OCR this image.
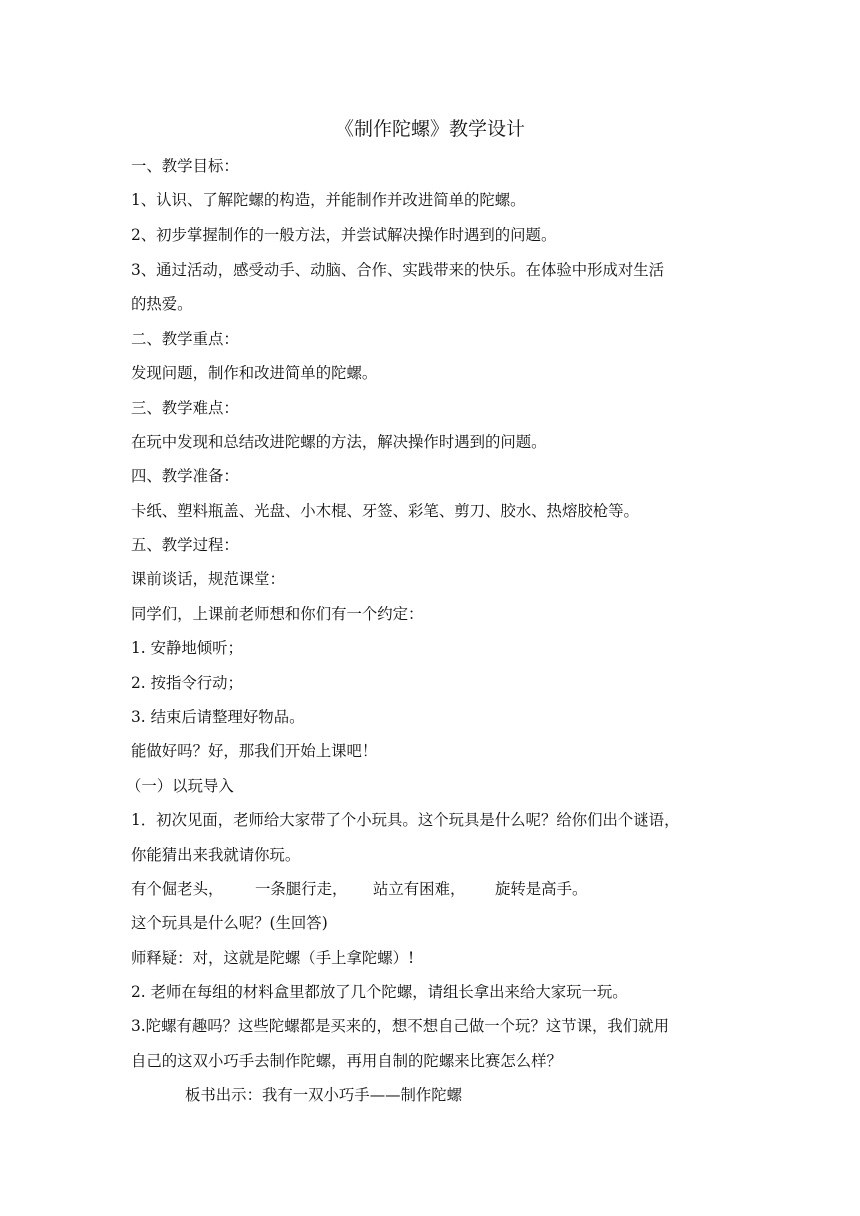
《制作陀螺》教学设计
一、教学目标：
1、认识、了解陀螺的构造，并能制作并改进简单的陀螺。
2、初步掌握制作的一般方法，并尝试解决操作时遇到的问题。
3、通过活动，感受动手、动脑、合作、实践带来的快乐。在体验中形成对生活
的热爱。
二、教学重点：
发现问题，制作和改进简单的陀螺。
三、教学难点：
在玩中发现和总结改进陀螺的方法，解决操作时遇到的问题。
四、教学准备：
卡纸、塑料瓶盖、光盘、小木棍、牙签、彩笔、剪刀、胶水、热熔胶枪等。
五、教学过程：
课前谈话，规范课堂：
同学们，上课前老师想和你们有一个约定：
1. 安静地倾听；
2. 按指令行动；
3. 结束后请整理好物品。
能做好吗？好，那我们开始上课吧！
（一）以玩导入
1．初次见面，老师给大家带了个小玩具。这个玩具是什么呢？给你们出个谜语，
你能猜出来我就请你玩。
有个倔老头， 一条腿行走， 站立有困难， 旋转是高手。
这个玩具是什么呢？(生回答)
师释疑：对，这就是陀螺（手上拿陀螺）!
2. 老师在每组的材料盒里都放了几个陀螺，请组长拿出来给大家玩一玩。
3.陀螺有趣吗？这些陀螺都是买来的，想不想自己做一个玩？这节课，我们就用
自己的这双小巧手去制作陀螺，再用自制的陀螺来比赛怎么样？
板书出示：我有一双小巧手——制作陀螺
